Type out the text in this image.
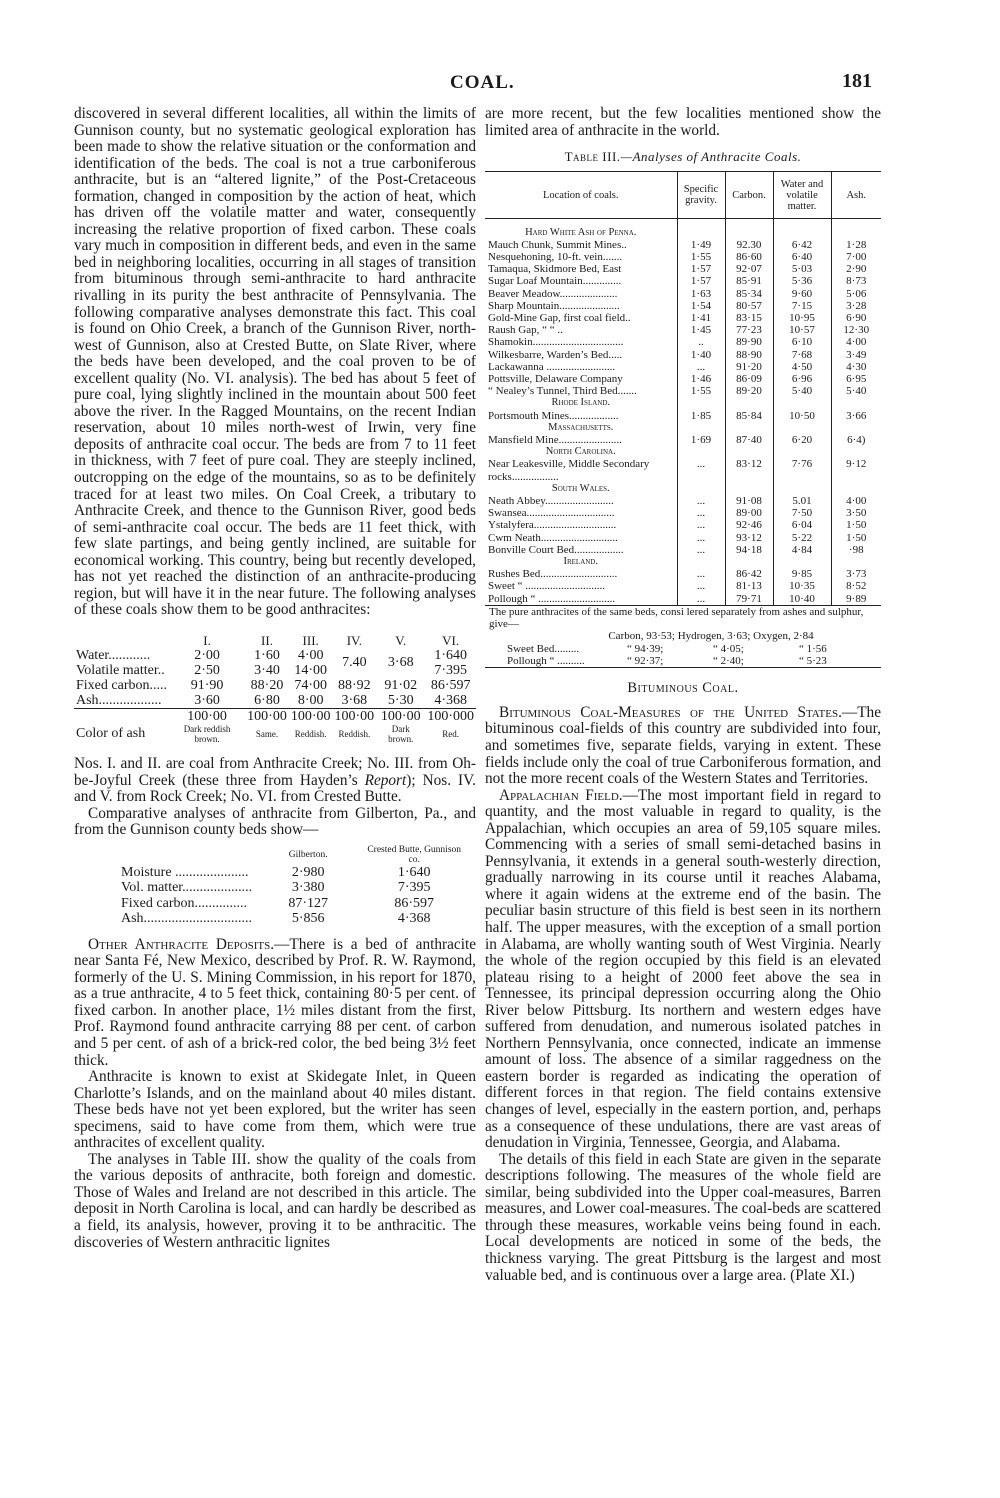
COAL.	181

discovered in several different localities, all within the limits of Gunnison county, but no systematic geological exploration has been made to show the relative situation or the conformation and identification of the beds. The coal is not a true carboniferous anthracite, but is an “altered lignite,” of the Post-Cretaceous formation, changed in composition by the action of heat, which has driven off the volatile matter and water, consequently increasing the relative proportion of fixed carbon. These coals vary much in composition in different beds, and even in the same bed in neighboring localities, occurring in all stages of transition from bituminous through semi-anthracite to hard anthracite rivalling in its purity the best anthracite of Pennsylvania. The following comparative analyses demonstrate this fact. This coal is found on Ohio Creek, a branch of the Gunnison River, north-west of Gunnison, also at Crested Butte, on Slate River, where the beds have been developed, and the coal proven to be of excellent quality (No. VI. analysis). The bed has about 5 feet of pure coal, lying slightly inclined in the mountain about 500 feet above the river. In the Ragged Mountains, on the recent Indian reservation, about 10 miles north-west of Irwin, very fine deposits of anthracite coal occur. The beds are from 7 to 11 feet in thickness, with 7 feet of pure coal. They are steeply inclined, outcropping on the edge of the mountains, so as to be definitely traced for at least two miles. On Coal Creek, a tributary to Anthracite Creek, and thence to the Gunnison River, good beds of semi-anthracite coal occur. The beds are 11 feet thick, with few slate partings, and being gently inclined, are suitable for economical working. This country, being but recently developed, has not yet reached the distinction of an anthracite-producing region, but will have it in the near future. The following analyses of these coals show them to be good anthracites:

	I.	II.	III.	IV.	V.	VI.
Water............	2·00	1·60	4·00	7.40	3·68	1·640
Volatile matter..	2·50	3·40	14·00			7·395
Fixed carbon.....	91·90	88·20	74·00	88·92	91·02	86·597
Ash..................	3·60	6·80	8·00	3·68	5·30	4·368
	100·00	100·00	100·00	100·00	100·00	100·000
Color of ash	Dark reddish brown.	Same.	Reddish.	Reddish.	Dark brown.	Red.

Nos. I. and II. are coal from Anthracite Creek; No. III. from Oh-be-Joyful Creek (these three from Hayden’s Report); Nos. IV. and V. from Rock Creek; No. VI. from Crested Butte.

Comparative analyses of anthracite from Gilberton, Pa., and from the Gunnison county beds show—

	Gilberton.	Crested Butte, Gunnison co.
Moisture .....................	2·980	1·640
Vol. matter....................	3·380	7·395
Fixed carbon...............	87·127	86·597
Ash...............................	5·856	4·368

Other Anthracite Deposits.—There is a bed of anthracite near Santa Fé, New Mexico, described by Prof. R. W. Raymond, formerly of the U. S. Mining Commission, in his report for 1870, as a true anthracite, 4 to 5 feet thick, containing 80·5 per cent. of fixed carbon. In another place, 1½ miles distant from the first, Prof. Raymond found anthracite carrying 88 per cent. of carbon and 5 per cent. of ash of a brick-red color, the bed being 3½ feet thick.

Anthracite is known to exist at Skidegate Inlet, in Queen Charlotte’s Islands, and on the mainland about 40 miles distant. These beds have not yet been explored, but the writer has seen specimens, said to have come from them, which were true anthracites of excellent quality.

The analyses in Table III. show the quality of the coals from the various deposits of anthracite, both foreign and domestic. Those of Wales and Ireland are not described in this article. The deposit in North Carolina is local, and can hardly be described as a field, its analysis, however, proving it to be anthracitic. The discoveries of Western anthracitic lignites

are more recent, but the few localities mentioned show the limited area of anthracite in the world.

Table III.—Analyses of Anthracite Coals.
Location of coals.	Specific gravity.	Carbon.	Water and volatile matter.	Ash.

Hard White Ash of Penna.				
Mauch Chunk, Summit Mines..	1·49	92.30	6·42	1·28
Nesquehoning, 10-ft. vein.......	1·55	86·60	6·40	7·00
Tamaqua, Skidmore Bed, East	1·57	92·07	5·03	2·90
Sugar Loaf Mountain..............	1·57	85·91	5·36	8·73
Beaver Meadow.....................	1·63	85·34	9·60	5·06
Sharp Mountain......................	1·54	80·57	7·15	3·28
Gold-Mine Gap, first coal field..	1·41	83·15	10·95	6·90
Raush Gap, “ “ ..	1·45	77·23	10·57	12·30
Shamokin.................................	..	89·90	6·10	4·00
Wilkesbarre, Warden’s Bed.....	1·40	88·90	7·68	3·49
Lackawanna .........................	...	91·20	4·50	4·30
Pottsville, Delaware Company	1·46	86·09	6·96	6·95
“ Nealey’s Tunnel, Third Bed.......	1·55	89·20	5·40	5·40
Rhode Island.				
Portsmouth Mines..................	1·85	85·84	10·50	3·66
Massachusetts.				
Mansfield Mine.......................	1·69	87·40	6·20	6·4)
North Carolina.				
Near Leakesville, Middle Secondary rocks.................	...	83·12	7·76	9·12
South Wales.				
Neath Abbey.........................	...	91·08	5.01	4·00
Swansea................................	...	89·00	7·50	3·50
Ystalyfera..............................	...	92·46	6·04	1·50
Cwm Neath............................	...	93·12	5·22	1·50
Bonville Court Bed..................	...	94·18	4·84	·98
Ireland.				
Rushes Bed............................	...	86·42	9·85	3·73
Sweet “ .............................	...	81·13	10·35	8·52
Pollough “ ............................	...	79·71	10·40	9·89
The pure anthracites of the same beds, consi lered separately from ashes and sulphur, give—				
Carbon, 93·53; Hydrogen, 3·63; Oxygen, 2·84				
Sweet Bed......... “ 94·39; “ 4·05; “ 1·56				
Pollough “ .......... “ 92·37; “ 2·40; “ 5·23				
Bituminous Coal.

Bituminous Coal-Measures of the United States.—The bituminous coal-fields of this country are subdivided into four, and sometimes five, separate fields, varying in extent. These fields include only the coal of true Carboniferous formation, and not the more recent coals of the Western States and Territories.

Appalachian Field.—The most important field in regard to quantity, and the most valuable in regard to quality, is the Appalachian, which occupies an area of 59,105 square miles. Commencing with a series of small semi-detached basins in Pennsylvania, it extends in a general south-westerly direction, gradually narrowing in its course until it reaches Alabama, where it again widens at the extreme end of the basin. The peculiar basin structure of this field is best seen in its northern half. The upper measures, with the exception of a small portion in Alabama, are wholly wanting south of West Virginia. Nearly the whole of the region occupied by this field is an elevated plateau rising to a height of 2000 feet above the sea in Tennessee, its principal depression occurring along the Ohio River below Pittsburg. Its northern and western edges have suffered from denudation, and numerous isolated patches in Northern Pennsylvania, once connected, indicate an immense amount of loss. The absence of a similar raggedness on the eastern border is regarded as indicating the operation of different forces in that region. The field contains extensive changes of level, especially in the eastern portion, and, perhaps as a consequence of these undulations, there are vast areas of denudation in Virginia, Tennessee, Georgia, and Alabama.

The details of this field in each State are given in the separate descriptions following. The measures of the whole field are similar, being subdivided into the Upper coal-measures, Barren measures, and Lower coal-measures. The coal-beds are scattered through these measures, workable veins being found in each. Local developments are noticed in some of the beds, the thickness varying. The great Pittsburg is the largest and most valuable bed, and is continuous over a large area. (Plate XI.)
